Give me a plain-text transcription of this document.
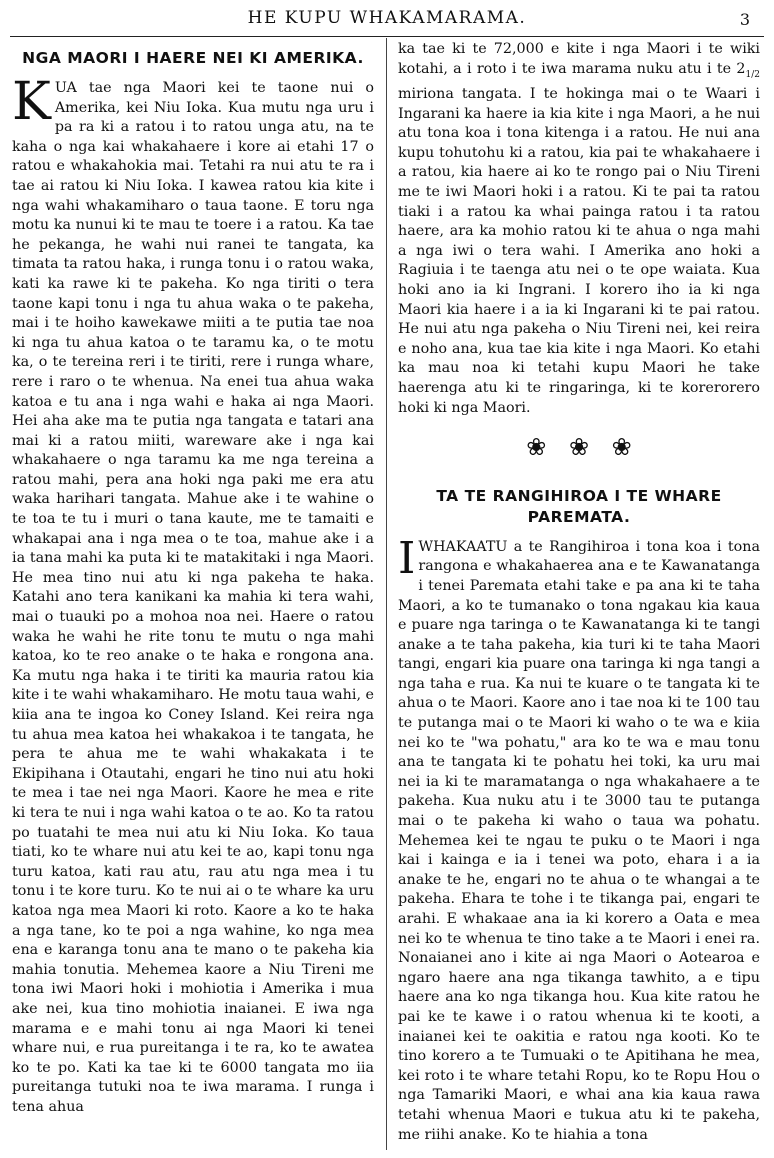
HE KUPU WHAKAMARAMA.	3
NGA MAORI I HAERE NEI KI AMERIKA.

KUA tae nga Maori kei te taone nui o Amerika, kei Niu Ioka. Kua mutu nga uru i pa ra ki a ratou i to ratou unga atu, na te kaha o nga kai whakahaere i kore ai etahi 17 o ratou e whakahokia mai. Tetahi ra nui atu te ra i tae ai ratou ki Niu Ioka. I kawea ratou kia kite i nga wahi whakamiharo o taua taone. E toru nga motu ka nunui ki te mau te toere i a ratou. Ka tae he pekanga, he wahi nui ranei te tangata, ka timata ta ratou haka, i runga tonu i o ratou waka, kati ka rawe ki te pakeha. Ko nga tiriti o tera taone kapi tonu i nga tu ahua waka o te pakeha, mai i te hoiho kawekawe miiti a te putia tae noa ki nga tu ahua katoa o te taramu ka, o te motu ka, o te tereina reri i te tiriti, rere i runga whare, rere i raro o te whenua. Na enei tua ahua waka katoa e tu ana i nga wahi e haka ai nga Maori. Hei aha ake ma te putia nga tangata e tatari ana mai ki a ratou miiti, wareware ake i nga kai whakahaere o nga taramu ka me nga tereina a ratou mahi, pera ana hoki nga paki me era atu waka harihari tangata. Mahue ake i te wahine o te toa te tu i muri o tana kaute, me te tamaiti e whakapai ana i nga mea o te toa, mahue ake i a ia tana mahi ka puta ki te matakitaki i nga Maori. He mea tino nui atu ki nga pakeha te haka. Katahi ano tera kanikani ka mahia ki tera wahi, mai o tuauki po a mohoa noa nei. Haere o ratou waka he wahi he rite tonu te mutu o nga mahi katoa, ko te reo anake o te haka e rongona ana. Ka mutu nga haka i te tiriti ka mauria ratou kia kite i te wahi whakamiharo. He motu taua wahi, e kiia ana te ingoa ko Coney Island. Kei reira nga tu ahua mea katoa hei whakakoa i te tangata, he pera te ahua me te wahi whakakata i te Ekipihana i Otautahi, engari he tino nui atu hoki te mea i tae nei nga Maori. Kaore he mea e rite ki tera te nui i nga wahi katoa o te ao. Ko ta ratou po tuatahi te mea nui atu ki Niu Ioka. Ko taua tiati, ko te whare nui atu kei te ao, kapi tonu nga turu katoa, kati rau atu, rau atu nga mea i tu tonu i te kore turu. Ko te nui ai o te whare ka uru katoa nga mea Maori ki roto. Kaore a ko te haka a nga tane, ko te poi a nga wahine, ko nga mea ena e karanga tonu ana te mano o te pakeha kia mahia tonutia. Mehemea kaore a Niu Tireni me tona iwi Maori hoki i mohiotia i Amerika i mua ake nei, kua tino mohiotia inaianei. E iwa nga marama e e mahi tonu ai nga Maori ki tenei whare nui, e rua pureitanga i te ra, ko te awatea ko te po. Kati ka tae ki te 6000 tangata mo iia pureitanga tutuki noa te iwa marama. I runga i tena ahua

ka tae ki te 72,000 e kite i nga Maori i te wiki kotahi, a i roto i te iwa marama nuku atu i te $2_{1/2}$ miriona tangata. I te hokinga mai o te Waari i Ingarani ka haere ia kia kite i nga Maori, a he nui atu tona koa i tona kitenga i a ratou. He nui ana kupu tohutohu ki a ratou, kia pai te whakahaere i a ratou, kia haere ai ko te rongo pai o Niu Tireni me te iwi Maori hoki i a ratou. Ki te pai ta ratou tiaki i a ratou ka whai painga ratou i ta ratou haere, ara ka mohio ratou ki te ahua o nga mahi a nga iwi o tera wahi. I Amerika ano hoki a Ragiuia i te taenga atu nei o te ope waiata. Kua hoki ano ia ki Ingrani. I korero iho ia ki nga Maori kia haere i a ia ki Ingarani ki te pai ratou. He nui atu nga pakeha o Niu Tireni nei, kei reira e noho ana, kua tae kia kite i nga Maori. Ko etahi ka mau noa ki tetahi kupu Maori he take haerenga atu ki te ringaringa, ki te korerorero hoki ki nga Maori.

❀ ❀ ❀
TA TE RANGIHIROA I TE WHARE PAREMATA.

IWHAKAATU a te Rangihiroa i tona koa i tona rangona e whakahaerea ana e te Kawanatanga i tenei Paremata etahi take e pa ana ki te taha Maori, a ko te tumanako o tona ngakau kia kaua e puare nga taringa o te Kawanatanga ki te tangi anake a te taha pakeha, kia turi ki te taha Maori tangi, engari kia puare ona taringa ki nga tangi a nga taha e rua. Ka nui te kuare o te tangata ki te ahua o te Maori. Kaore ano i tae noa ki te 100 tau te putanga mai o te Maori ki waho o te wa e kiia nei ko te "wa pohatu," ara ko te wa e mau tonu ana te tangata ki te pohatu hei toki, ka uru mai nei ia ki te maramatanga o nga whakahaere a te pakeha. Kua nuku atu i te 3000 tau te putanga mai o te pakeha ki waho o taua wa pohatu. Mehemea kei te ngau te puku o te Maori i nga kai i kainga e ia i tenei wa poto, ehara i a ia anake te he, engari no te ahua o te whangai a te pakeha. Ehara te tohe i te tikanga pai, engari te arahi. E whakaae ana ia ki korero a Oata e mea nei ko te whenua te tino take a te Maori i enei ra. Nonaianei ano i kite ai nga Maori o Aotearoa e ngaro haere ana nga tikanga tawhito, a e tipu haere ana ko nga tikanga hou. Kua kite ratou he pai ke te kawe i o ratou whenua ki te kooti, a inaianei kei te oakitia e ratou nga kooti. Ko te tino korero a te Tumuaki o te Apitihana he mea, kei roto i te whare tetahi Ropu, ko te Ropu Hou o nga Tamariki Maori, e whai ana kia kaua rawa tetahi whenua Maori e tukua atu ki te pakeha, me riihi anake. Ko te hiahia a tona
